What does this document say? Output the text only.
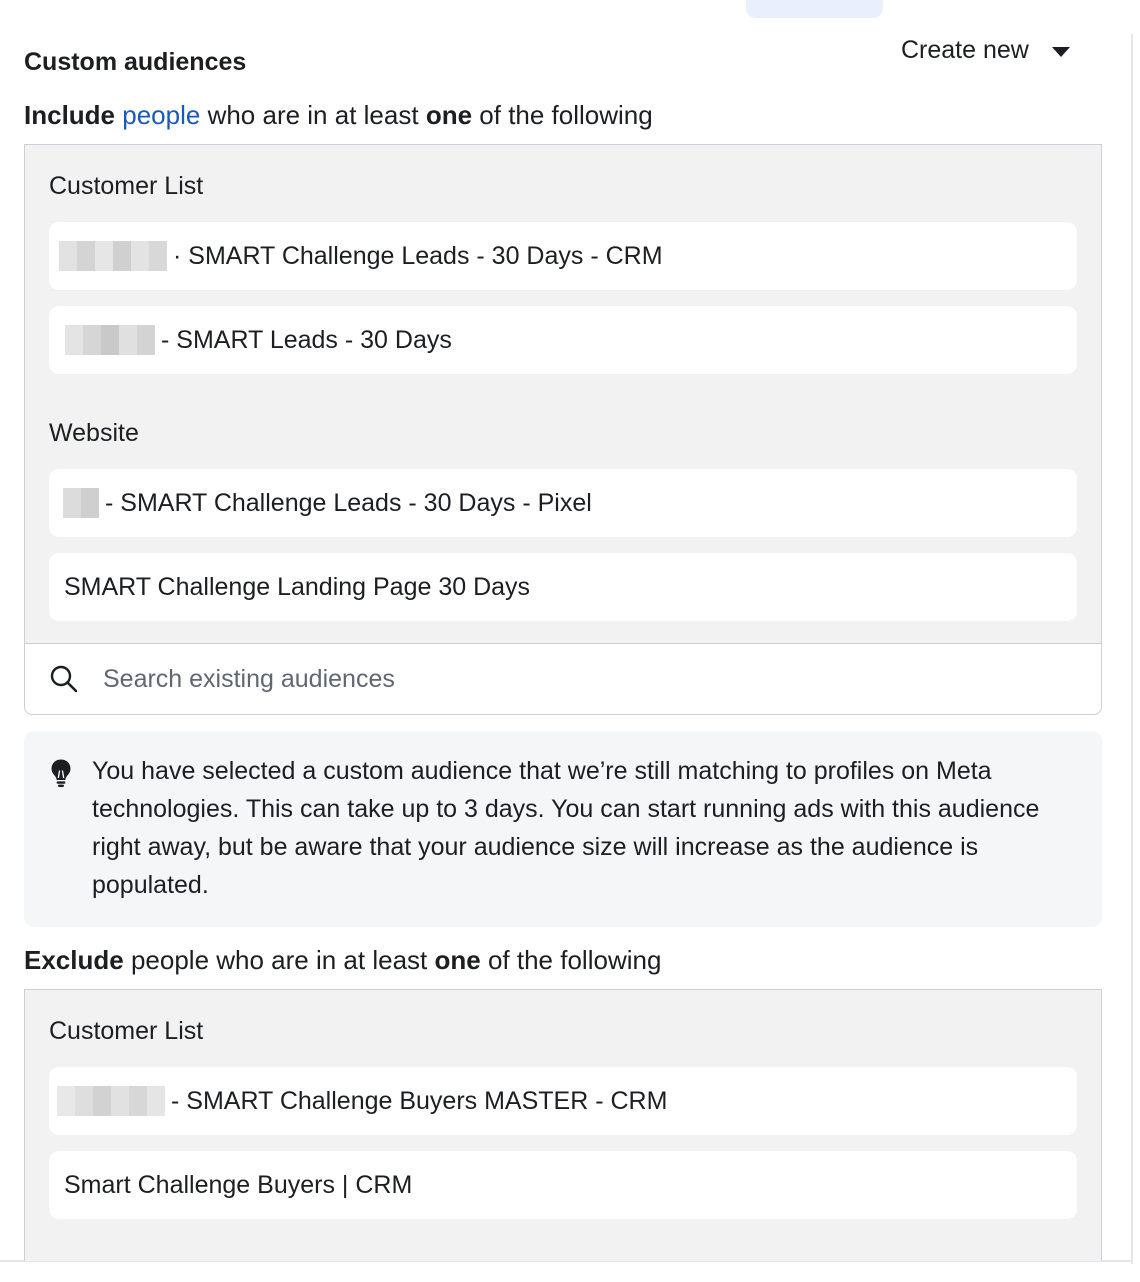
Custom audiences	Create new
Include people who are in at least one of the following
Customer List
· SMART Challenge Leads - 30 Days - CRM
- SMART Leads - 30 Days
Website
- SMART Challenge Leads - 30 Days - Pixel
SMART Challenge Landing Page 30 Days
Search existing audiences
You have selected a custom audience that we’re still matching to profiles on Meta technologies. This can take up to 3 days. You can start running ads with this audience right away, but be aware that your audience size will increase as the audience is populated.
Exclude people who are in at least one of the following
Customer List
- SMART Challenge Buyers MASTER - CRM
Smart Challenge Buyers | CRM
